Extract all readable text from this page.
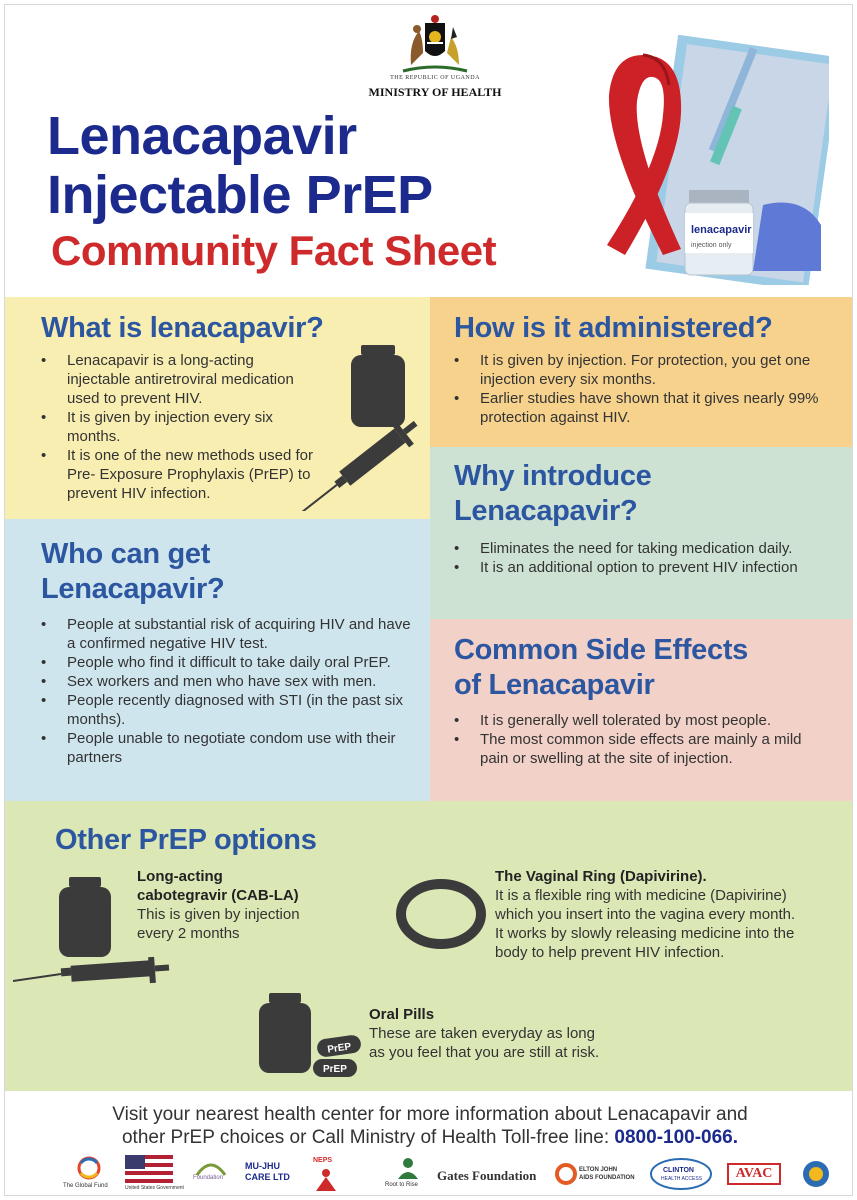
THE REPUBLIC OF UGANDA
MINISTRY OF HEALTH
Lenacapavir
Injectable PrEP
Community Fact Sheet	lenacapavir
injection only
What is lenacapavir?
• Lenacapavir is a long-acting injectable antiretroviral medication used to prevent HIV.
• It is given by injection every six months.
• It is one of the new methods used for Pre- Exposure Prophylaxis (PrEP) to prevent HIV infection.
How is it administered?
• It is given by injection. For protection, you get one injection every six months.
• Earlier studies have shown that it gives nearly 99% protection against HIV.
Why introduce
Lenacapavir?
• Eliminates the need for taking medication daily.
• It is an additional option to prevent HIV infection
Who can get
Lenacapavir?
• People at substantial risk of acquiring HIV and have a confirmed negative HIV test.
• People who find it difficult to take daily oral PrEP.
• Sex workers and men who have sex with men.
• People recently diagnosed with STI (in the past six months).
• People unable to negotiate condom use with their partners
Common Side Effects
of Lenacapavir
• It is generally well tolerated by most people.
• The most common side effects are mainly a mild pain or swelling at the site of injection.
Other PrEP options
Long-acting
cabotegravir (CAB-LA)
This is given by injection
every 2 months
The Vaginal Ring (Dapivirine).
It is a flexible ring with medicine (Dapivirine)
which you insert into the vagina every month.
It works by slowly releasing medicine into the
body to help prevent HIV infection.
PrEP
PrEP
Oral Pills
These are taken everyday as long
as you feel that you are still at risk.
Visit your nearest health center for more information about Lenacapavir and
other PrEP choices or Call Ministry of Health Toll-free line: 0800-100-066.
The Global Fund	United States Government
Foundation
MU-JHU
CARE LTD
NEPS
Root to Rise
Gates Foundation	ELTON JOHN
AIDS FOUNDATION
CLINTON
HEALTH ACCESS	AVAC
